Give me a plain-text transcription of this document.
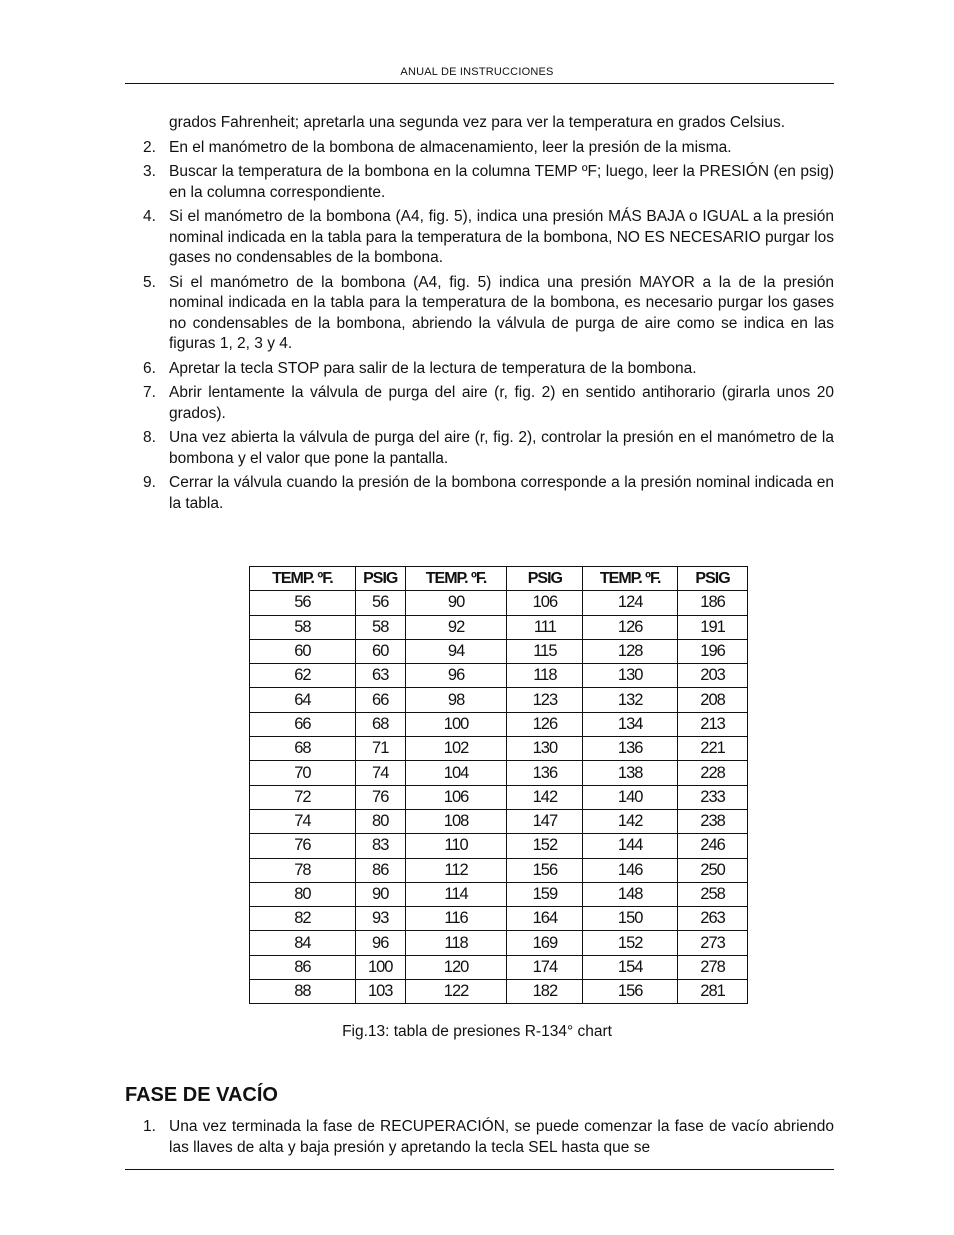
ANUAL DE INSTRUCCIONES
grados Fahrenheit; apretarla una segunda vez para ver la temperatura en grados Celsius.
2. En el manómetro de la bombona de almacenamiento, leer la presión de la misma.
3. Buscar la temperatura de la bombona en la columna TEMP ºF; luego, leer la PRESIÓN (en psig) en la columna correspondiente.
4. Si el manómetro de la bombona (A4, fig. 5), indica una presión MÁS BAJA o IGUAL a la presión nominal indicada en la tabla para la temperatura de la bombona, NO ES NECESARIO purgar los gases no condensables de la bombona.
5. Si el manómetro de la bombona (A4, fig. 5) indica una presión MAYOR a la de la presión nominal indicada en la tabla para la temperatura de la bombona, es necesario purgar los gases no condensables de la bombona, abriendo la válvula de purga de aire como se indica en las figuras 1, 2, 3 y 4.
6. Apretar la tecla STOP para salir de la lectura de temperatura de la bombona.
7. Abrir lentamente la válvula de purga del aire (r, fig. 2) en sentido antihorario (girarla unos 20 grados).
8. Una vez abierta la válvula de purga del aire (r, fig. 2), controlar la presión en el manómetro de la bombona y el valor que pone la pantalla.
9. Cerrar la válvula cuando la presión de la bombona corresponde a la presión nominal indicada en la tabla.
TEMP. ºF.	PSIG	TEMP. ºF.	PSIG	TEMP. ºF.	PSIG
56	56	90	106	124	186
58	58	92	111	126	191
60	60	94	115	128	196
62	63	96	118	130	203
64	66	98	123	132	208
66	68	100	126	134	213
68	71	102	130	136	221
70	74	104	136	138	228
72	76	106	142	140	233
74	80	108	147	142	238
76	83	110	152	144	246
78	86	112	156	146	250
80	90	114	159	148	258
82	93	116	164	150	263
84	96	118	169	152	273
86	100	120	174	154	278
88	103	122	182	156	281
Fig.13: tabla de presiones R-134° chart
FASE DE VACÍO
1. Una vez terminada la fase de RECUPERACIÓN, se puede comenzar la fase de vacío abriendo las llaves de alta y baja presión y apretando la tecla SEL hasta que se
